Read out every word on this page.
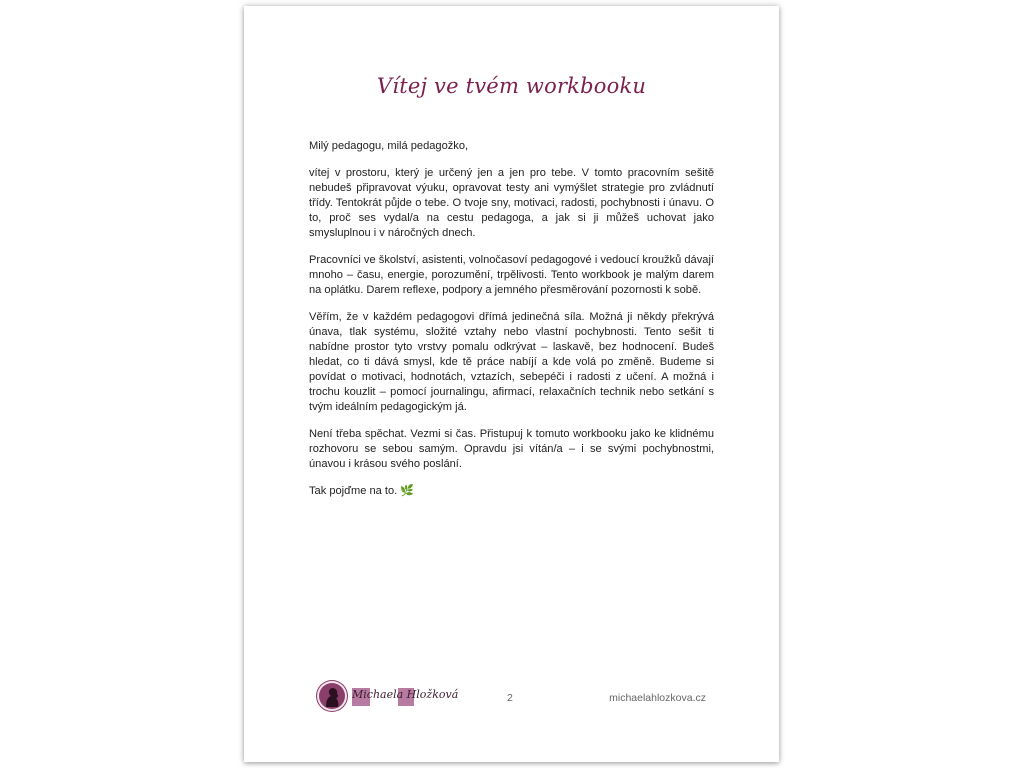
Vítej ve tvém workbooku

Milý pedagogu, milá pedagožko,

vítej v prostoru, který je určený jen a jen pro tebe. V tomto pracovním sešitě nebudeš připravovat výuku, opravovat testy ani vymýšlet strategie pro zvládnutí třídy. Tentokrát půjde o tebe. O tvoje sny, motivaci, radosti, pochybnosti i únavu. O to, proč ses vydal/a na cestu pedagoga, a jak si ji můžeš uchovat jako smysluplnou i v náročných dnech.

Pracovníci ve školství, asistenti, volnočasoví pedagogové i vedoucí kroužků dávají mnoho – času, energie, porozumění, trpělivosti. Tento workbook je malým darem na oplátku. Darem reflexe, podpory a jemného přesměrování pozornosti k sobě.

Věřím, že v každém pedagogovi dřímá jedinečná síla. Možná ji někdy překrývá únava, tlak systému, složité vztahy nebo vlastní pochybnosti. Tento sešit ti nabídne prostor tyto vrstvy pomalu odkrývat – laskavě, bez hodnocení. Budeš hledat, co ti dává smysl, kde tě práce nabíjí a kde volá po změně. Budeme si povídat o motivaci, hodnotách, vztazích, sebepéči i radosti z učení. A možná i trochu kouzlit – pomocí journalingu, afirmací, relaxačních technik nebo setkání s tvým ideálním pedagogickým já.

Není třeba spěchat. Vezmi si čas. Přistupuj k tomuto workbooku jako ke klidnému rozhovoru se sebou samým. Opravdu jsi vítán/a – i se svými pochybnostmi, únavou i krásou svého poslání.

Tak pojďme na to. 🌿

Michaela Hložková	2	michaelahlozkova.cz
